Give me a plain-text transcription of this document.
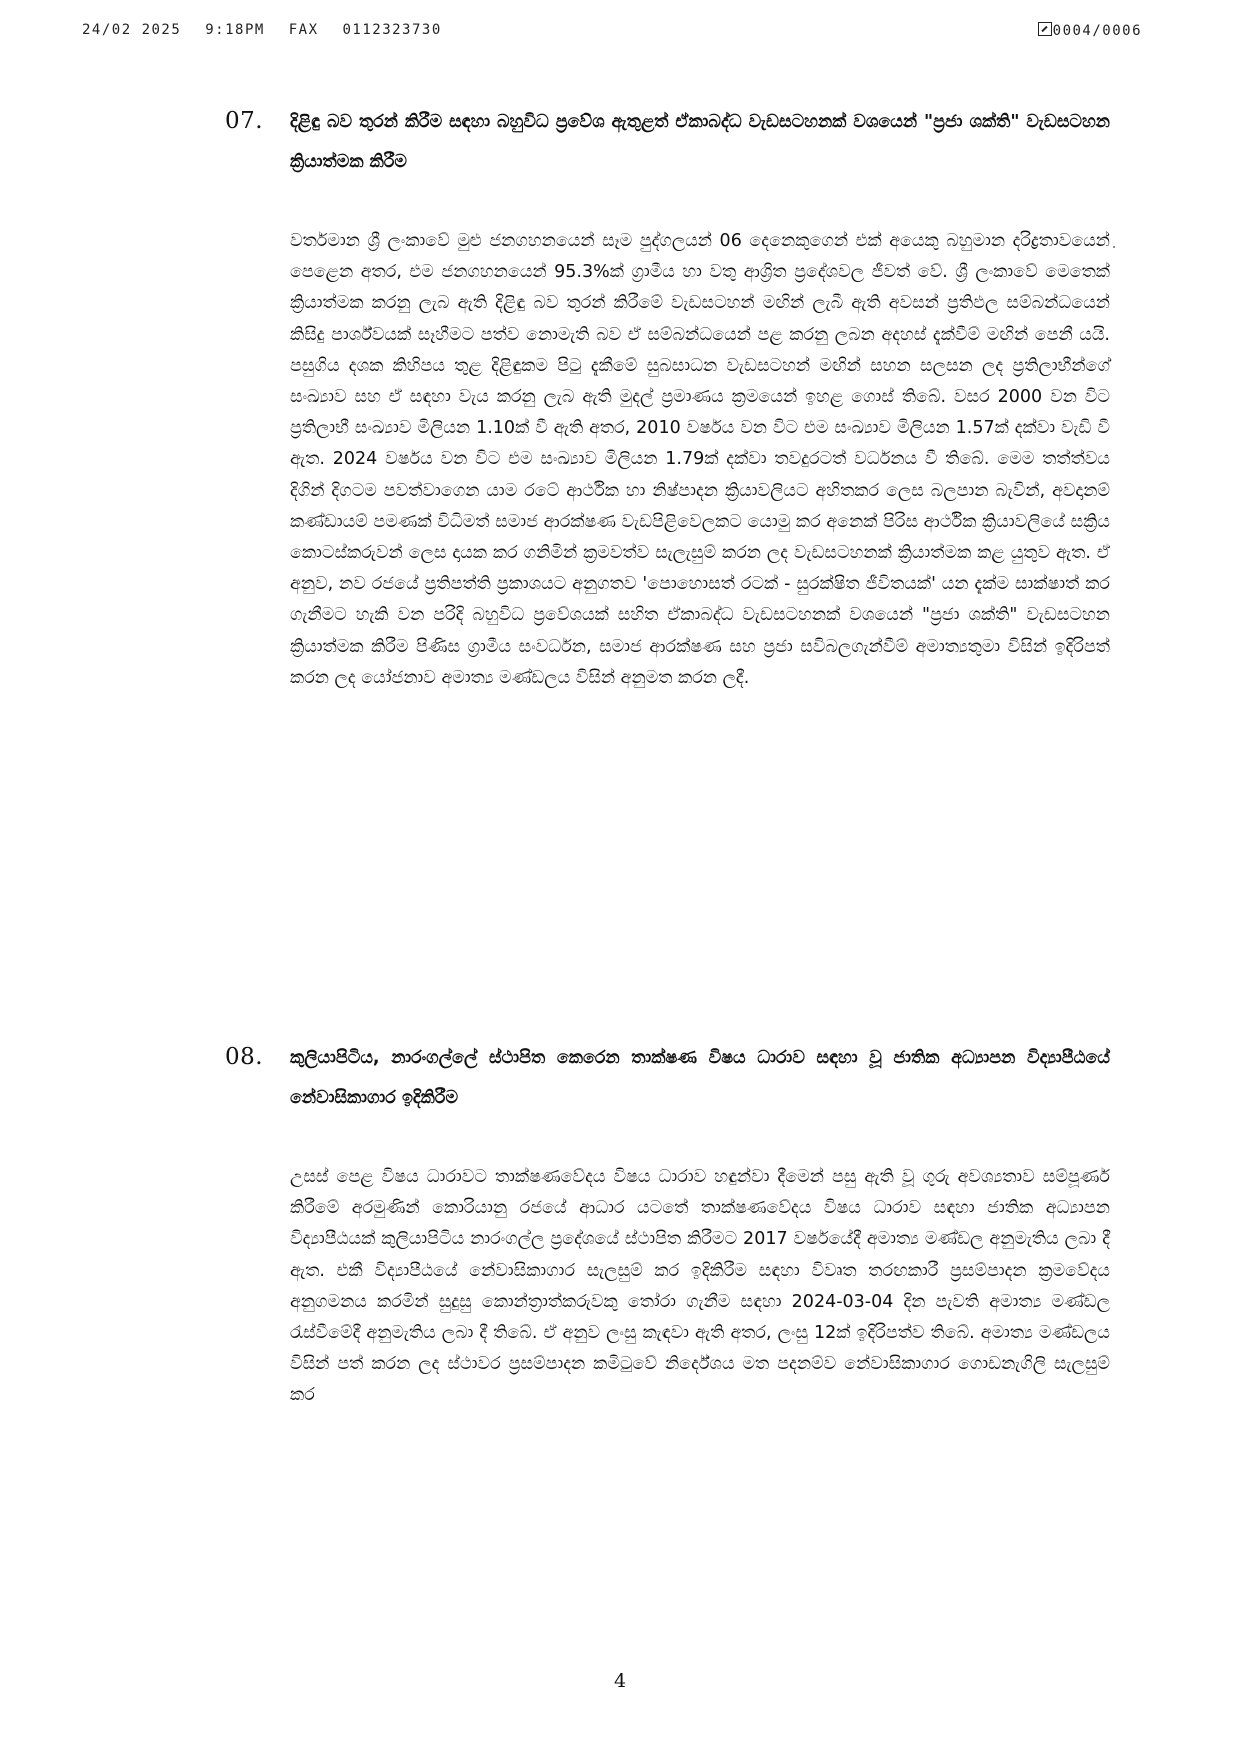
24/02 2025 9:18PM FAX 0112323730	0004/0006
07. දිළිඳු බව තුරන් කිරීම සඳහා බහුවිධ ප්‍රවේශ ඇතුළත් ඒකාබද්ධ වැඩසටහනක් වශයෙන් "ප්‍රජා ශක්ති" වැඩසටහන ක්‍රියාත්මක කිරීම
වර්තමාන ශ්‍රී ලංකාවේ මුළු ජනගහනයෙන් සෑම පුද්ගලයන් 06 දෙනෙකුගෙන් එක් අයෙකු බහුමාන දරිද්‍රතාවයෙන් පෙළෙන අතර, එම ජනගහනයෙන් 95.3%ක් ග්‍රාමීය හා වතු ආශ්‍රිත ප්‍රදේශවල ජීවත් වේ. ශ්‍රී ලංකාවේ මෙතෙක් ක්‍රියාත්මක කරනු ලැබ ඇති දිළිඳු බව තුරන් කිරීමේ වැඩසටහන් මඟින් ලැබී ඇති අවසන් ප්‍රතිඵල සම්බන්ධයෙන් කිසිදු පාර්ශ්වයක් සෑහීමට පත්ව නොමැති බව ඒ සම්බන්ධයෙන් පළ කරනු ලබන අදහස් දැක්වීම් මඟින් පෙනී යයි. පසුගිය දශක කිහිපය තුළ දිළිඳුකම පිටු දැකීමේ සුබසාධන වැඩසටහන් මඟින් සහන සලසන ලද ප්‍රතිලාභීන්ගේ සංඛ්‍යාව සහ ඒ සඳහා වැය කරනු ලැබ ඇති මුදල් ප්‍රමාණය ක්‍රමයෙන් ඉහළ ගොස් තිබේ. වසර 2000 වන විට ප්‍රතිලාභී සංඛ්‍යාව මිලියන 1.10ක් වී ඇති අතර, 2010 වර්ෂය වන විට එම සංඛ්‍යාව මිලියන 1.57ක් දක්වා වැඩි වී ඇත. 2024 වර්ෂය වන විට එම සංඛ්‍යාව මිලියන 1.79ක් දක්වා තවදුරටත් වර්ධනය වී තිබේ. මෙම තත්ත්වය දිගින් දිගටම පවත්වාගෙන යාම රටේ ආර්ථික හා නිෂ්පාදන ක්‍රියාවලියට අහිතකර ලෙස බලපාන බැවින්, අවදානම් කණ්ඩායම් පමණක් විධිමත් සමාජ ආරක්ෂණ වැඩපිළිවෙලකට යොමු කර අනෙක් පිරිස ආර්ථික ක්‍රියාවලියේ සක්‍රිය කොටස්කරුවන් ලෙස දායක කර ගනිමින් ක්‍රමවත්ව සැලැසුම් කරන ලද වැඩසටහනක් ක්‍රියාත්මක කළ යුතුව ඇත. ඒ අනුව, නව රජයේ ප්‍රතිපත්ති ප්‍රකාශයට අනුගතව 'පොහොසත් රටක් - සුරක්ෂිත ජීවිතයක්' යන දැක්ම සාක්ෂාත් කර ගැනීමට හැකි වන පරිදි බහුවිධ ප්‍රවේශයක් සහිත ඒකාබද්ධ වැඩසටහනක් වශයෙන් "ප්‍රජා ශක්ති" වැඩසටහන ක්‍රියාත්මක කිරීම පිණිස ග්‍රාමීය සංවර්ධන, සමාජ ආරක්ෂණ සහ ප්‍රජා සවිබලගැන්වීම් අමාත්‍යතුමා විසින් ඉදිරිපත් කරන ලද යෝජනාව අමාත්‍ය මණ්ඩලය විසින් අනුමත කරන ලදී.
08. කුලියාපිටිය, නාරංගල්ලේ ස්ථාපිත කෙරෙන තාක්ෂණ විෂය ධාරාව සඳහා වූ ජාතික අධ්‍යාපන විද්‍යාපීඨයේ නේවාසිකාගාර ඉදිකිරීම
උසස් පෙළ විෂය ධාරාවට තාක්ෂණවේදය විෂය ධාරාව හඳුන්වා දීමෙන් පසු ඇති වූ ගුරු අවශ්‍යතාව සම්පූර්ණ කිරීමේ අරමුණින් කොරියානු රජයේ ආධාර යටතේ තාක්ෂණවේදය විෂය ධාරාව සඳහා ජාතික අධ්‍යාපන විද්‍යාපීඨයක් කුලියාපිටිය නාරංගල්ල ප්‍රදේශයේ ස්ථාපිත කිරීමට 2017 වර්ෂයේදී අමාත්‍ය මණ්ඩල අනුමැතිය ලබා දී ඇත. එකී විද්‍යාපීඨයේ නේවාසිකාගාර සැලසුම් කර ඉදිකිරීම සඳහා විවෘත තරඟකාරී ප්‍රසම්පාදන ක්‍රමවේදය අනුගමනය කරමින් සුදුසු කොන්ත්‍රාත්කරුවකු තෝරා ගැනීම සඳහා 2024-03-04 දින පැවති අමාත්‍ය මණ්ඩල රැස්වීමේදී අනුමැතිය ලබා දී තිබේ. ඒ අනුව ලංසු කැඳවා ඇති අතර, ලංසු 12ක් ඉදිරිපත්ව තිබේ. අමාත්‍ය මණ්ඩලය විසින් පත් කරන ලද ස්ථාවර ප්‍රසම්පාදන කමිටුවේ නිර්දේශය මත පදනම්ව නේවාසිකාගාර ගොඩනැගිලි සැලසුම් කර
4
